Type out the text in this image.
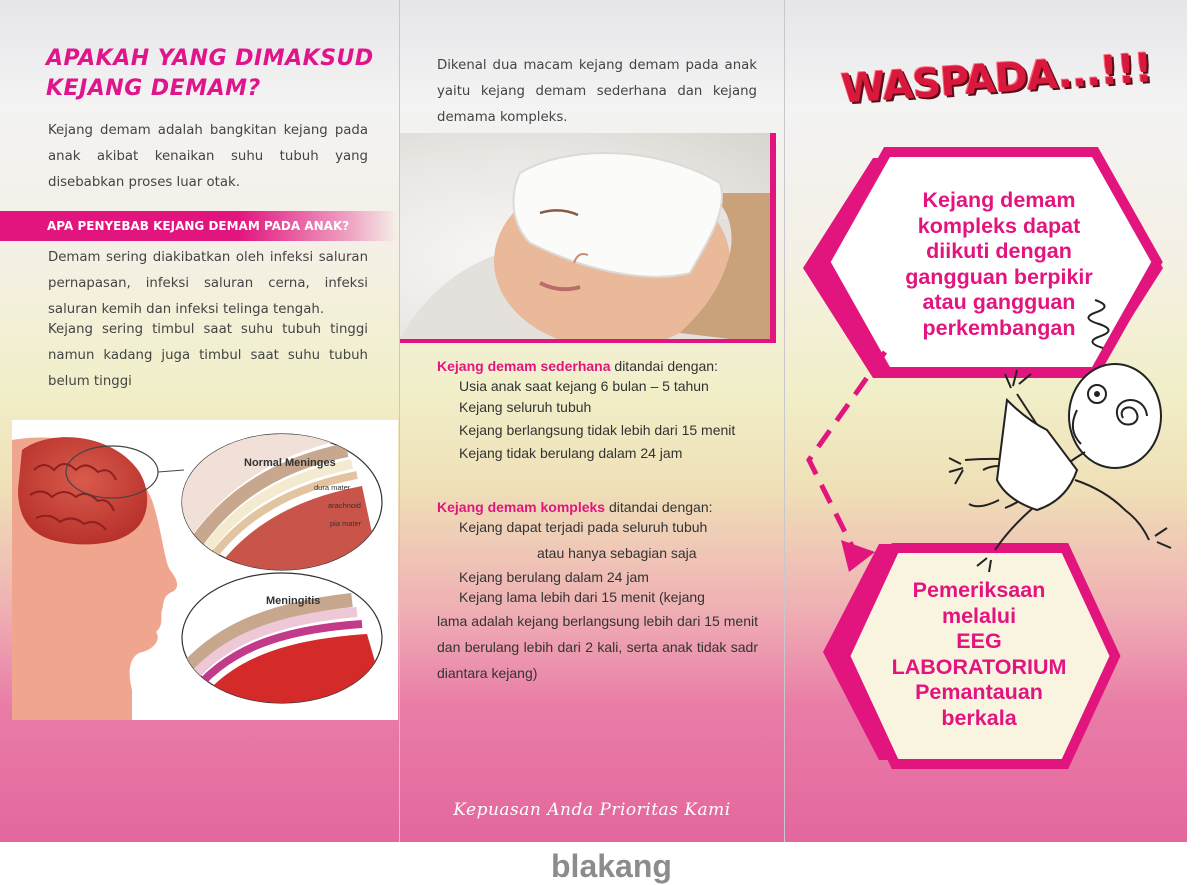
APAKAH YANG DIMAKSUD
KEJANG DEMAM?

Kejang demam adalah bangkitan kejang pada anak akibat kenaikan suhu tubuh yang disebabkan proses luar otak.

APA PENYEBAB KEJANG DEMAM PADA ANAK?

Demam sering diakibatkan oleh infeksi saluran pernapasan, infeksi saluran cerna, infeksi saluran kemih dan infeksi telinga tengah.

Kejang sering timbul saat suhu tubuh tinggi namun kadang juga timbul saat suhu tubuh belum tinggi

Normal Meninges
dura mater
arachnoid
pia mater
Meningitis

Dikenal dua macam kejang demam pada anak yaitu kejang demam sederhana dan kejang demama kompleks.

Kejang demam sederhana ditandai dengan:

Usia anak saat kejang 6 bulan – 5 tahun

Kejang seluruh tubuh

Kejang berlangsung tidak lebih dari 15 menit

Kejang tidak berulang dalam 24 jam

Kejang demam kompleks ditandai dengan:

Kejang dapat terjadi pada seluruh tubuh

atau hanya sebagian saja

Kejang berulang dalam 24 jam

Kejang lama lebih dari 15 menit (kejang

lama adalah kejang berlangsung lebih dari 15 menit dan berulang lebih dari 2 kali, serta anak tidak sadr diantara kejang)

Kepuasan Anda Prioritas Kami
WASPADA...!!!

Kejang demam
kompleks dapat
diikuti dengan
gangguan berpikir
atau gangguan
perkembangan

Pemeriksaan
melalui
EEG
LABORATORIUM
Pemantauan
berkala

blakang
